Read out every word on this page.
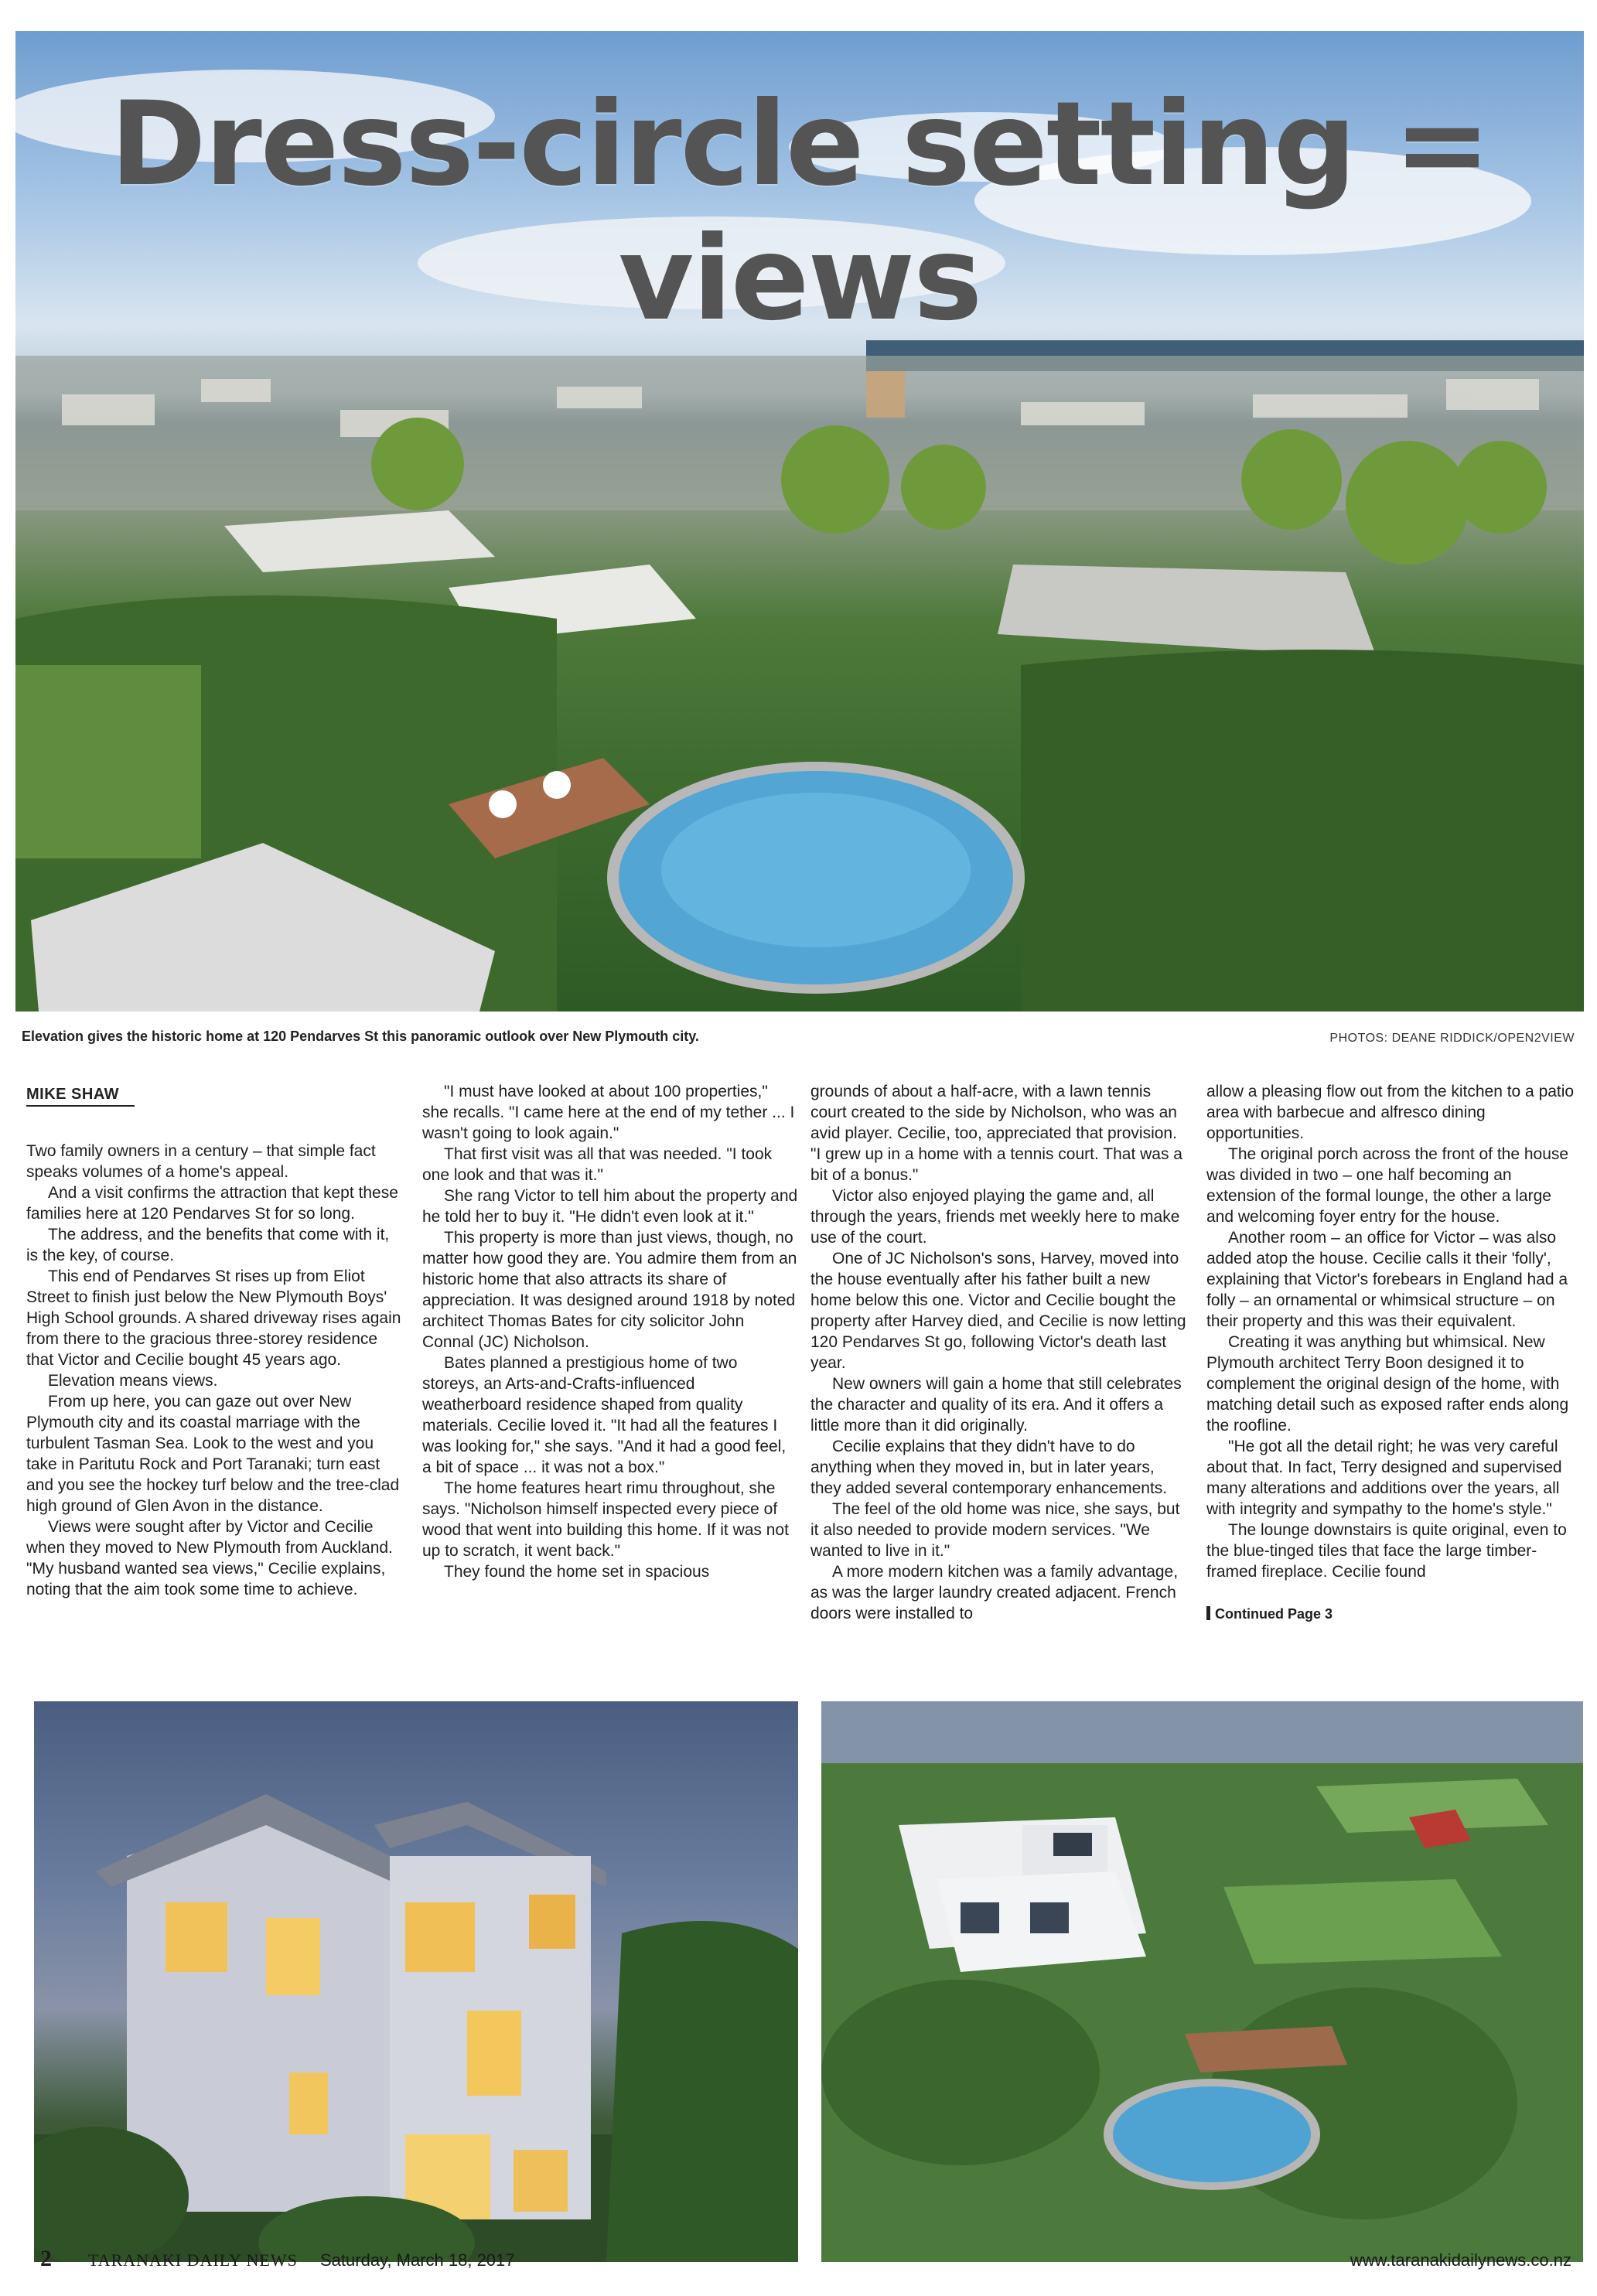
Dress-circle setting = views
Elevation gives the historic home at 120 Pendarves St this panoramic outlook over New Plymouth city.	PHOTOS: DEANE RIDDICK/OPEN2VIEW
MIKE SHAW

Two family owners in a century – that simple fact speaks volumes of a home's appeal.

And a visit confirms the attraction that kept these families here at 120 Pendarves St for so long.

The address, and the benefits that come with it, is the key, of course.

This end of Pendarves St rises up from Eliot Street to finish just below the New Plymouth Boys' High School grounds. A shared driveway rises again from there to the gracious three-storey residence that Victor and Cecilie bought 45 years ago.

Elevation means views.

From up here, you can gaze out over New Plymouth city and its coastal marriage with the turbulent Tasman Sea. Look to the west and you take in Paritutu Rock and Port Taranaki; turn east and you see the hockey turf below and the tree-clad high ground of Glen Avon in the distance.

Views were sought after by Victor and Cecilie when they moved to New Plymouth from Auckland. "My husband wanted sea views," Cecilie explains, noting that the aim took some time to achieve.

"I must have looked at about 100 properties," she recalls. "I came here at the end of my tether ... I wasn't going to look again."

That first visit was all that was needed. "I took one look and that was it."

She rang Victor to tell him about the property and he told her to buy it. "He didn't even look at it."

This property is more than just views, though, no matter how good they are. You admire them from an historic home that also attracts its share of appreciation. It was designed around 1918 by noted architect Thomas Bates for city solicitor John Connal (JC) Nicholson.

Bates planned a prestigious home of two storeys, an Arts-and-Crafts-influenced weatherboard residence shaped from quality materials. Cecilie loved it. "It had all the features I was looking for," she says. "And it had a good feel, a bit of space ... it was not a box."

The home features heart rimu throughout, she says. "Nicholson himself inspected every piece of wood that went into building this home. If it was not up to scratch, it went back."

They found the home set in spacious

grounds of about a half-acre, with a lawn tennis court created to the side by Nicholson, who was an avid player. Cecilie, too, appreciated that provision. "I grew up in a home with a tennis court. That was a bit of a bonus."

Victor also enjoyed playing the game and, all through the years, friends met weekly here to make use of the court.

One of JC Nicholson's sons, Harvey, moved into the house eventually after his father built a new home below this one. Victor and Cecilie bought the property after Harvey died, and Cecilie is now letting 120 Pendarves St go, following Victor's death last year.

New owners will gain a home that still celebrates the character and quality of its era. And it offers a little more than it did originally.

Cecilie explains that they didn't have to do anything when they moved in, but in later years, they added several contemporary enhancements.

The feel of the old home was nice, she says, but it also needed to provide modern services. "We wanted to live in it."

A more modern kitchen was a family advantage, as was the larger laundry created adjacent. French doors were installed to

allow a pleasing flow out from the kitchen to a patio area with barbecue and alfresco dining opportunities.

The original porch across the front of the house was divided in two – one half becoming an extension of the formal lounge, the other a large and welcoming foyer entry for the house.

Another room – an office for Victor – was also added atop the house. Cecilie calls it their 'folly', explaining that Victor's forebears in England had a folly – an ornamental or whimsical structure – on their property and this was their equivalent.

Creating it was anything but whimsical. New Plymouth architect Terry Boon designed it to complement the original design of the home, with matching detail such as exposed rafter ends along the roofline.

"He got all the detail right; he was very careful about that. In fact, Terry designed and supervised many alterations and additions over the years, all with integrity and sympathy to the home's style."

The lounge downstairs is quite original, even to the blue-tinged tiles that face the large timber-framed fireplace. Cecilie found

Continued Page 3
2 TARANAKI DAILY NEWS Saturday, March 18, 2017	www.taranakidailynews.co.nz
